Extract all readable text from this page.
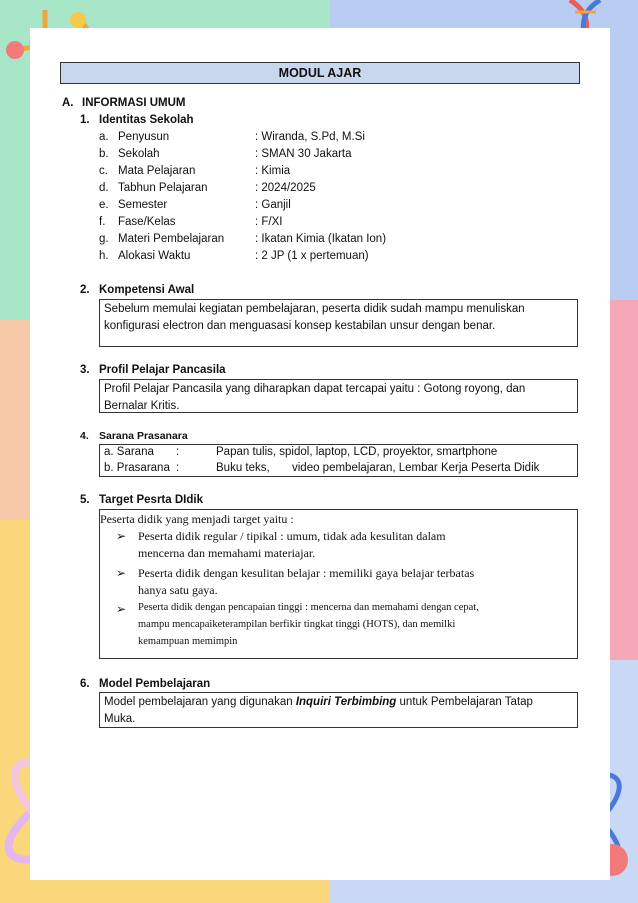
MODUL AJAR
A. INFORMASI UMUM
1. Identitas Sekolah
a. Penyusun	: Wiranda, S.Pd, M.Si
b. Sekolah	: SMAN 30 Jakarta
c. Mata Pelajaran	: Kimia
d. Tabhun Pelajaran	: 2024/2025
e. Semester	: Ganjil
f. Fase/Kelas	: F/XI
g. Materi Pembelajaran	: Ikatan Kimia (Ikatan Ion)
h. Alokasi Waktu	: 2 JP (1 x pertemuan)
2. Kompetensi Awal
Sebelum memulai kegiatan pembelajaran, peserta didik sudah mampu menuliskan
konfigurasi electron dan menguasasi konsep kestabilan unsur dengan benar.
3. Profil Pelajar Pancasila
Profil Pelajar Pancasila yang diharapkan dapat tercapai yaitu : Gotong royong, dan
Bernalar Kritis.
4. Sarana Prasanara
a. Sarana :	Papan tulis, spidol, laptop, LCD, proyektor, smartphone
b. Prasarana :	Buku teks, video pembelajaran, Lembar Kerja Peserta Didik
5. Target Pesrta DIdik
Peserta didik yang menjadi target yaitu :
➢ Peserta didik regular / tipikal : umum, tidak ada kesulitan dalam
mencerna dan memahami materiajar.
➢ Peserta didik dengan kesulitan belajar : memiliki gaya belajar terbatas
hanya satu gaya.
➢ Peserta didik dengan pencapaian tinggi : mencerna dan memahami dengan cepat,
mampu mencapaiketerampilan berfikir tingkat tinggi (HOTS), dan memilki
kemampuan memimpin
6. Model Pembelajaran
Model pembelajaran yang digunakan Inquiri Terbimbing untuk Pembelajaran Tatap
Muka.
